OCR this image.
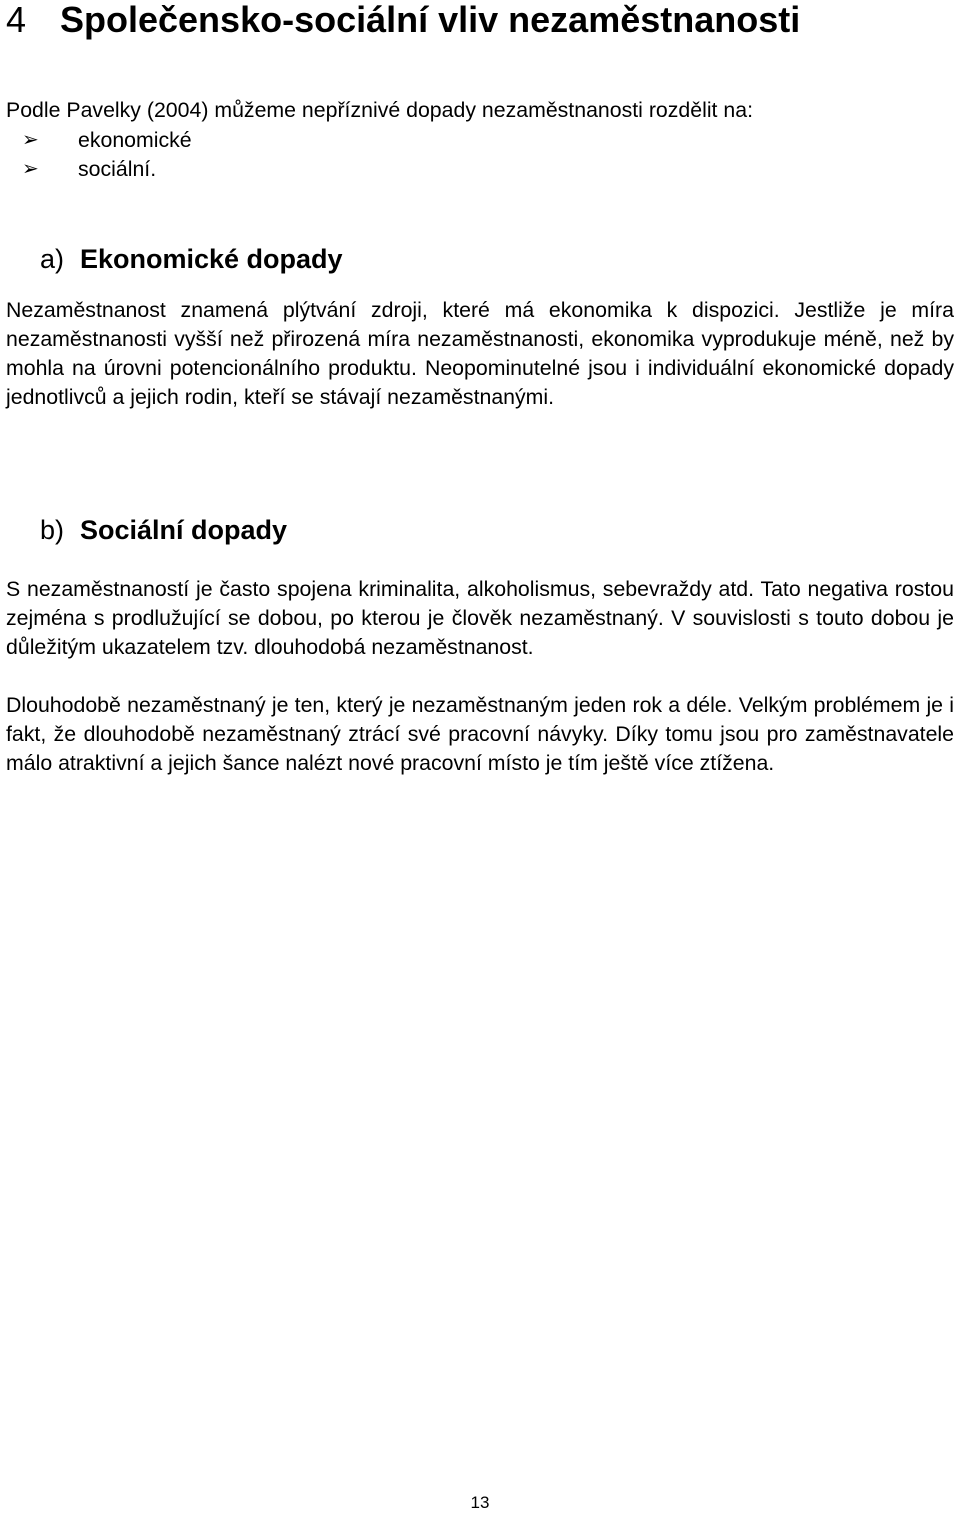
4 Společensko-sociální vliv nezaměstnanosti

Podle Pavelky (2004) můžeme nepříznivé dopady nezaměstnanosti rozdělit na:

➢	ekonomické
➢	sociální.
a) Ekonomické dopady

Nezaměstnanost znamená plýtvání zdroji, které má ekonomika k dispozici. Jestliže je míra nezaměstnanosti vyšší než přirozená míra nezaměstnanosti, ekonomika vyprodukuje méně, než by mohla na úrovni potencionálního produktu. Neopominutelné jsou i individuální ekonomické dopady jednotlivců a jejich rodin, kteří se stávají nezaměstnanými.

b) Sociální dopady

S nezaměstnaností je často spojena kriminalita, alkoholismus, sebevraždy atd. Tato negativa rostou zejména s prodlužující se dobou, po kterou je člověk nezaměstnaný. V souvislosti s touto dobou je důležitým ukazatelem tzv. dlouhodobá nezaměstnanost.

Dlouhodobě nezaměstnaný je ten, který je nezaměstnaným jeden rok a déle. Velkým problémem je i fakt, že dlouhodobě nezaměstnaný ztrácí své pracovní návyky. Díky tomu jsou pro zaměstnavatele málo atraktivní a jejich šance nalézt nové pracovní místo je tím ještě více ztížena.

13
